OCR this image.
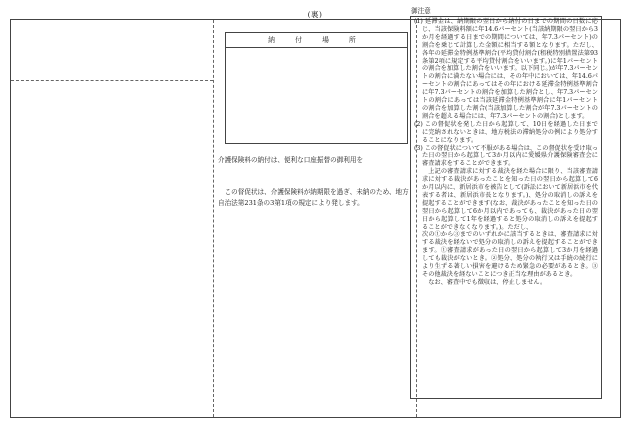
(裏)
納 付 場 所
介護保険料の納付は、便利な口座振替の御利用を
この督促状は、介護保険料が納期限を過ぎ、未納のため、地方自治法第231条の3第1項の規定により発します。
御注意

(1) 延滞金は、納期限の翌日から納付の日までの期間の日数に応じ、当該保険料額に年14.6パーセント(当該納期限の翌日から3か月を経過する日までの期間については、年7.3パーセント)の割合を乗じて計算した金額に相当する額となります。ただし、各年の延滞金特例基準割合(平均貸付割合(租税特別措置法第93条第2項に規定する平均貸付割合をいいます。)に年1パーセントの割合を加算した割合をいいます。以下同じ。)が年7.3パーセントの割合に満たない場合には、その年中においては、年14.6パーセントの割合にあってはその年における延滞金特例基準割合に年7.3パーセントの割合を加算した割合とし、年7.3パーセントの割合にあっては当該延滞金特例基準割合に年1パーセントの割合を加算した割合(当該加算した割合が年7.3パーセントの割合を超える場合には、年7.3パーセントの割合)とします。

(2) この督促状を発した日から起算して、10日を経過した日までに完納されないときは、地方税法の滞納処分の例により処分することになります。

(3) この督促状について不服がある場合は、この督促状を受け取った日の翌日から起算して3か月以内に愛媛県介護保険審査会に審査請求をすることができます。

上記の審査請求に対する裁決を経た場合に限り、当該審査請求に対する裁決があったことを知った日の翌日から起算して6か月以内に、新居浜市を被告として(訴訟において新居浜市を代表する者は、新居浜市長となります。)、処分の取消しの訴えを提起することができます(なお、裁決があったことを知った日の翌日から起算して6か月以内であっても、裁決があった日の翌日から起算して1年を経過すると処分の取消しの訴えを提起することができなくなります。)。ただし、

次の①から③までのいずれかに該当するときは、審査請求に対する裁決を経ないで処分の取消しの訴えを提起することができます。①審査請求があった日の翌日から起算して3か月を経過しても裁決がないとき。②処分、処分の執行又は手続の続行により生ずる著しい損害を避けるため緊急の必要があるとき。③その他裁決を経ないことにつき正当な理由があるとき。

なお、審査中でも徴収は、停止しません。
